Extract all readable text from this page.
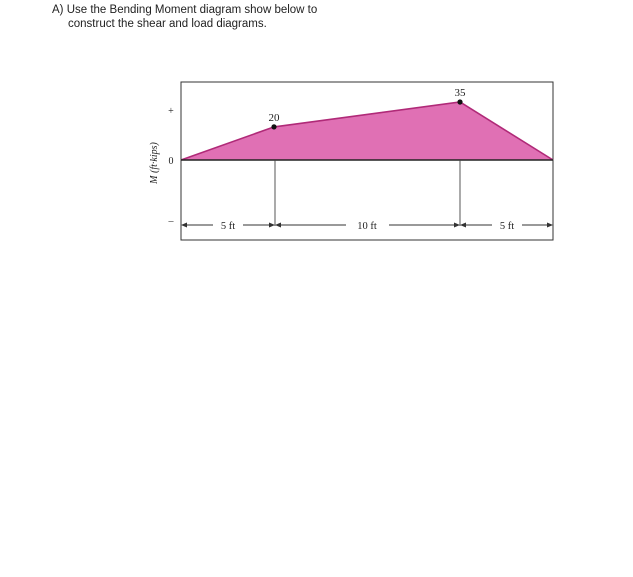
A) Use the Bending Moment diagram show below to
construct the shear and load diagrams.
20
35
+
0
–
M (ft·kips)
5 ft	10 ft	5 ft
